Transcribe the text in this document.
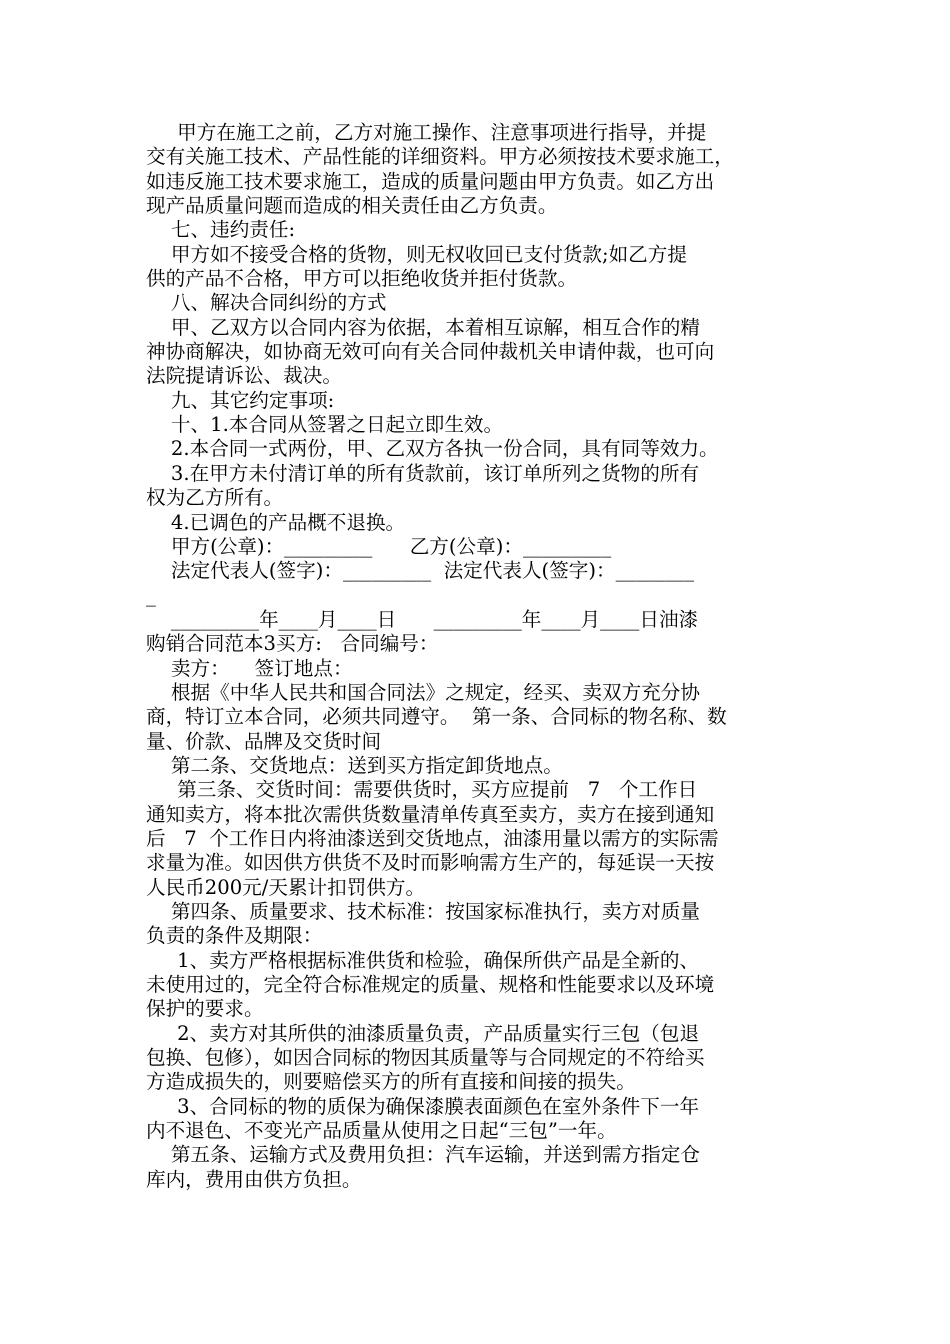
甲方在施工之前，乙方对施工操作、注意事项进行指导，并提
交有关施工技术、产品性能的详细资料。甲方必须按技术要求施工，
如违反施工技术要求施工，造成的质量问题由甲方负责。如乙方出
现产品质量问题而造成的相关责任由乙方负责。
七、违约责任:
甲方如不接受合格的货物，则无权收回已支付货款;如乙方提
供的产品不合格，甲方可以拒绝收货并拒付货款。
八、解决合同纠纷的方式
甲、乙双方以合同内容为依据，本着相互谅解，相互合作的精
神协商解决，如协商无效可向有关合同仲裁机关申请仲裁，也可向
法院提请诉讼、裁决。
九、其它约定事项:
十、1.本合同从签署之日起立即生效。
2.本合同一式两份，甲、乙双方各执一份合同，具有同等效力。
3.在甲方未付清订单的所有货款前，该订单所列之货物的所有
权为乙方所有。
4.已调色的产品概不退换。
甲方(公章)：_________      乙方(公章)：_________
法定代表人(签字)：_________  法定代表人(签字)：________
_
_________年____月____日      _________年____月____日油漆
购销合同范本3买方:   合同编号：
卖方：    签订地点：
根据《中华人民共和国合同法》之规定，经买、卖双方充分协
商，特订立本合同，必须共同遵守。  第一条、合同标的物名称、数
量、价款、品牌及交货时间
第二条、交货地点：送到买方指定卸货地点。
第三条、交货时间：需要供货时，买方应提前   7   个工作日
通知卖方，将本批次需供货数量清单传真至卖方，卖方在接到通知
后   7  个工作日内将油漆送到交货地点，油漆用量以需方的实际需
求量为准。如因供方供货不及时而影响需方生产的，每延误一天按
人民币200元/天累计扣罚供方。
第四条、质量要求、技术标准：按国家标准执行，卖方对质量
负责的条件及期限：
1、卖方严格根据标准供货和检验，确保所供产品是全新的、
未使用过的，完全符合标准规定的质量、规格和性能要求以及环境
保护的要求。
2、卖方对其所供的油漆质量负责，产品质量实行三包（包退
包换、包修），如因合同标的物因其质量等与合同规定的不符给买
方造成损失的，则要赔偿买方的所有直接和间接的损失。
3、合同标的物的质保为确保漆膜表面颜色在室外条件下一年
内不退色、不变光产品质量从使用之日起“三包”一年。
第五条、运输方式及费用负担：汽车运输，并送到需方指定仓
库内，费用由供方负担。
